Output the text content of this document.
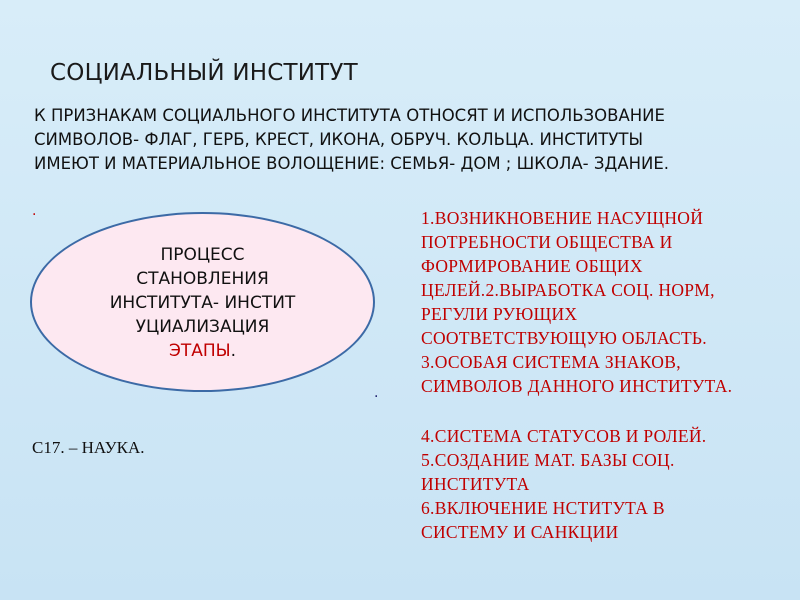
СОЦИАЛЬНЫЙ ИНСТИТУТ
К ПРИЗНАКАМ СОЦИАЛЬНОГО ИНСТИТУТА ОТНОСЯТ И ИСПОЛЬЗОВАНИЕ
СИМВОЛОВ- ФЛАГ, ГЕРБ, КРЕСТ, ИКОНА, ОБРУЧ. КОЛЬЦА. ИНСТИТУТЫ
ИМЕЮТ И МАТЕРИАЛЬНОЕ ВОЛОЩЕНИЕ: СЕМЬЯ- ДОМ ; ШКОЛА- ЗДАНИЕ.
.
.
ПРОЦЕСС
СТАНОВЛЕНИЯ
ИНСТИТУТА- ИНСТИТ
УЦИАЛИЗАЦИЯ
ЭТАПЫ.
С17. – НАУКА.
1.ВОЗНИКНОВЕНИЕ НАСУЩНОЙ
ПОТРЕБНОСТИ ОБЩЕСТВА И
ФОРМИРОВАНИЕ ОБЩИХ
ЦЕЛЕЙ.2.ВЫРАБОТКА СОЦ. НОРМ,
РЕГУЛИ РУЮЩИХ
СООТВЕТСТВУЮЩУЮ ОБЛАСТЬ.
3.ОСОБАЯ СИСТЕМА ЗНАКОВ,
СИМВОЛОВ ДАННОГО ИНСТИТУТА.
4.СИСТЕМА СТАТУСОВ И РОЛЕЙ.
5.СОЗДАНИЕ МАТ. БАЗЫ СОЦ.
ИНСТИТУТА
6.ВКЛЮЧЕНИЕ НСТИТУТА В
СИСТЕМУ И САНКЦИИ
